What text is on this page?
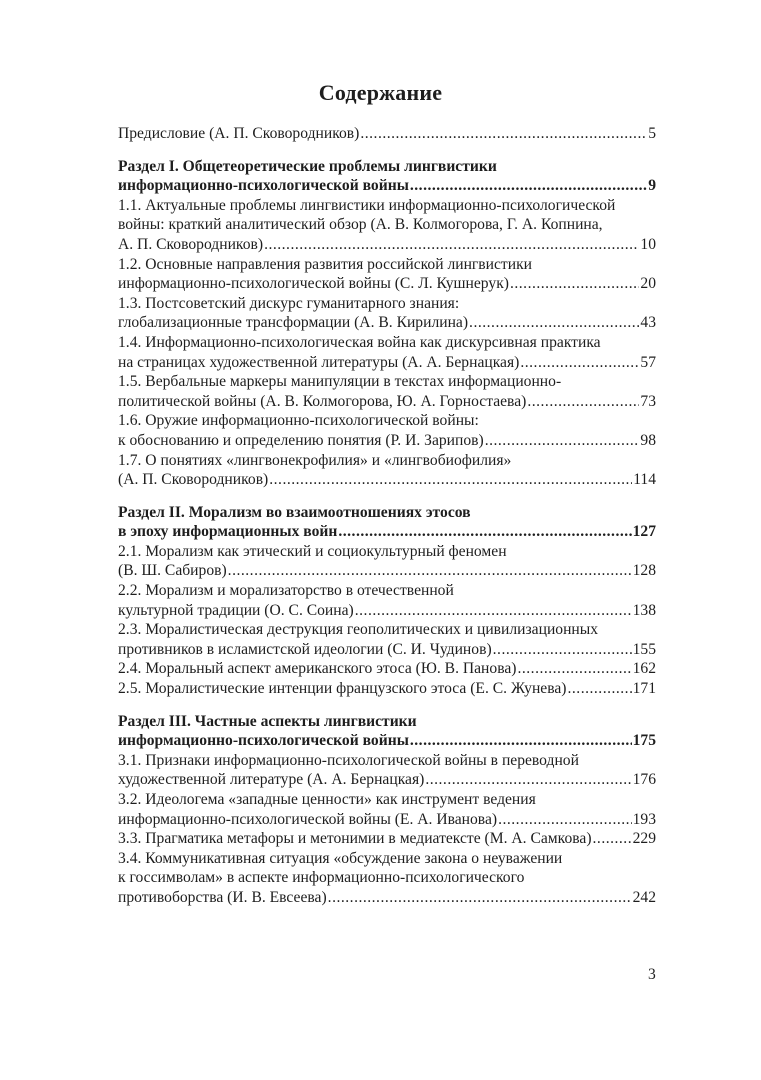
Содержание
Предисловие (А. П. Сковородников) .....	5
Раздел I. Общетеоретические проблемы лингвистики
информационно-психологической войны .....	9
1.1. Актуальные проблемы лингвистики информационно-психологической
войны: краткий аналитический обзор (А. В. Колмогорова, Г. А. Копнина,
А. П. Сковородников) .....	10
1.2. Основные направления развития российской лингвистики
информационно-психологической войны (С. Л. Кушнерук) .....	20
1.3. Постсоветский дискурс гуманитарного знания:
глобализационные трансформации (А. В. Кирилина) .....	43
1.4. Информационно-психологическая война как дискурсивная практика
на страницах художественной литературы (А. А. Бернацкая) .....	57
1.5. Вербальные маркеры манипуляции в текстах информационно-
политической войны (А. В. Колмогорова, Ю. А. Горностаева) .....	73
1.6. Оружие информационно-психологической войны:
к обоснованию и определению понятия (Р. И. Зарипов) .....	98
1.7. О понятиях «лингвонекрофилия» и «лингвобиофилия»
(А. П. Сковородников) .....	114
Раздел II. Морализм во взаимоотношениях этосов
в эпоху информационных войн .....	127
2.1. Морализм как этический и социокультурный феномен
(В. Ш. Сабиров) .....	128
2.2. Морализм и морализаторство в отечественной
культурной традиции (О. С. Соина) .....	138
2.3. Моралистическая деструкция геополитических и цивилизационных
противников в исламистской идеологии (С. И. Чудинов) .....	155
2.4. Моральный аспект американского этоса (Ю. В. Панова) .....	162
2.5. Моралистические интенции французского этоса (Е. С. Жунева) .....	171
Раздел III. Частные аспекты лингвистики
информационно-психологической войны .....	175
3.1. Признаки информационно-психологической войны в переводной
художественной литературе (А. А. Бернацкая) .....	176
3.2. Идеологема «западные ценности» как инструмент ведения
информационно-психологической войны (Е. А. Иванова) .....	193
3.3. Прагматика метафоры и метонимии в медиатексте (М. А. Самкова) .....	229
3.4. Коммуникативная ситуация «обсуждение закона о неуважении
к госсимволам» в аспекте информационно-психологического
противоборства (И. В. Евсеева) .....	242
3
